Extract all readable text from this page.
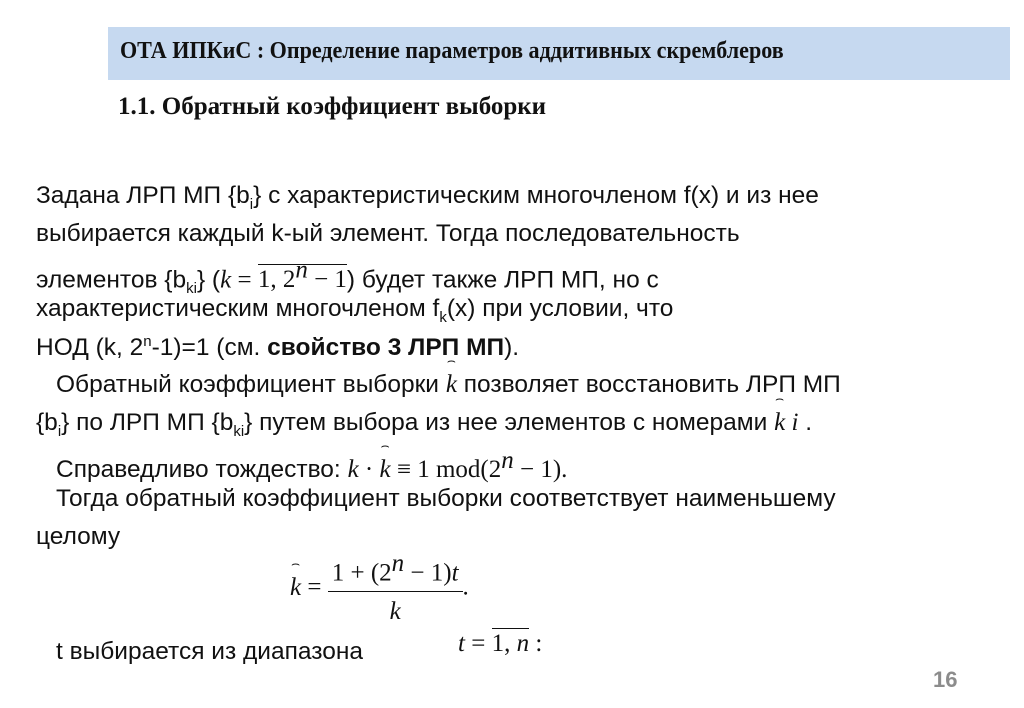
ОТА ИПКиС : Определение параметров аддитивных скремблеров
1.1. Обратный коэффициент выборки
Задана ЛРП МП $\{b_i\}$ с характеристическим многочленом f(x) и из нее
выбирается каждый k-ый элемент. Тогда последовательность
элементов $\{b_{ki}\} (k = 1$, $2^n - 1$) будет также ЛРП МП, но с
характеристическим многочленом $f_k(x)$ при условии, что
НОД (k, $2^n-1)=1$ (см. свойство 3 ЛРП МП).
Обратный коэффициент выборки ⌢ k позволяет восстановить ЛРП МП
$\{b_i\}$ по ЛРП МП $\{b_{ki}\}$ путем выбора из нее элементов с номерами ⌢ k i .
Справедливо тождество: k · ⌢ k ≡ 1 $mod(2^n - 1)$.
Тогда обратный коэффициент выборки соответствует наименьшему
целому
⌢ $k = \frac{1 + (2^n - 1)t}{k}$ .
t выбирается из диапазона	t = 1, n :
16
